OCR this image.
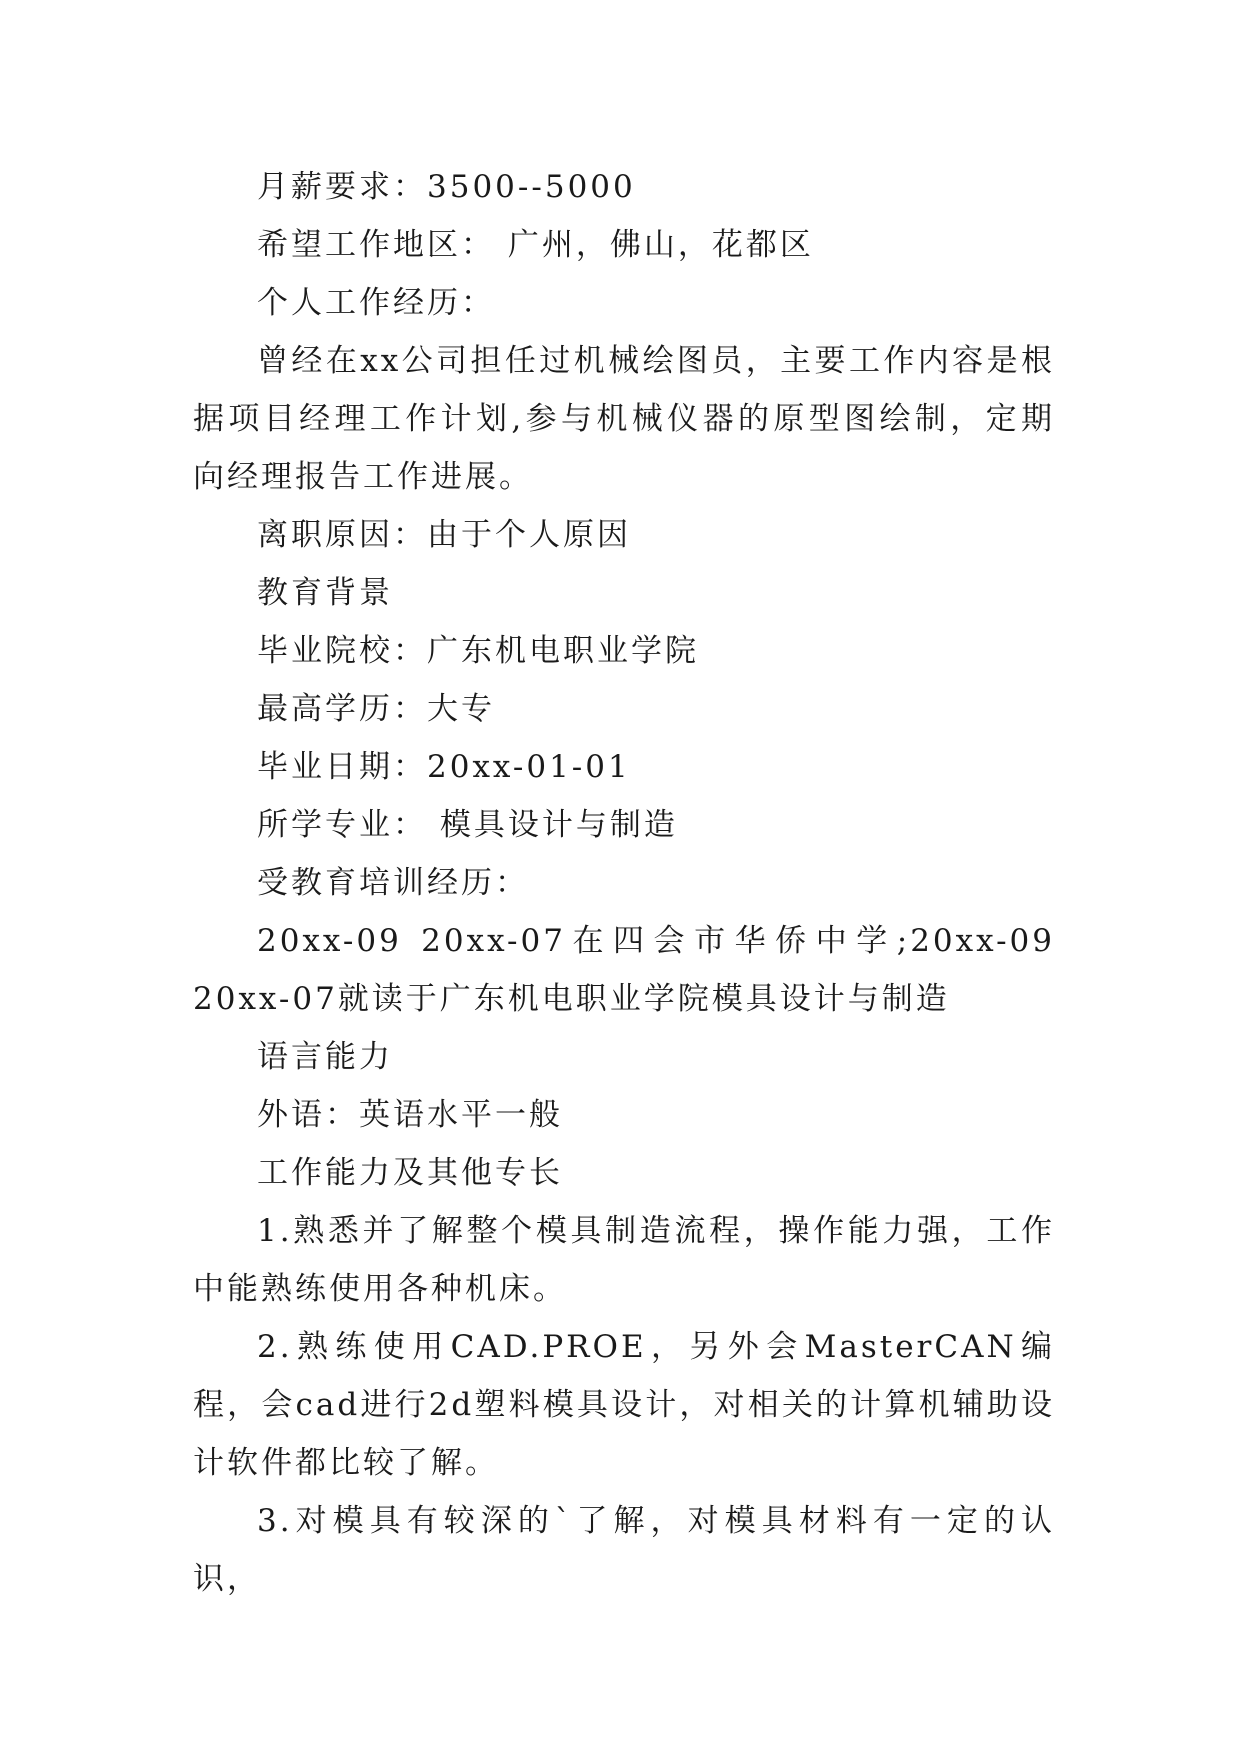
月薪要求：3500--5000

希望工作地区： 广州，佛山，花都区

个人工作经历：

曾经在xx公司担任过机械绘图员，主要工作内容是根据项目经理工作计划,参与机械仪器的原型图绘制，定期向经理报告工作进展。

离职原因：由于个人原因

教育背景

毕业院校：广东机电职业学院

最高学历：大专

毕业日期：20xx-01-01

所学专业： 模具设计与制造

受教育培训经历：

20xx-09 20xx-07在四会市华侨中学;20xx-09 20xx-07就读于广东机电职业学院模具设计与制造

语言能力

外语：英语水平一般

工作能力及其他专长

1.熟悉并了解整个模具制造流程，操作能力强，工作中能熟练使用各种机床。

2.熟练使用CAD.PROE，另外会MasterCAN编程，会cad进行2d塑料模具设计，对相关的计算机辅助设计软件都比较了解。

3.对模具有较深的`了解，对模具材料有一定的认识，
